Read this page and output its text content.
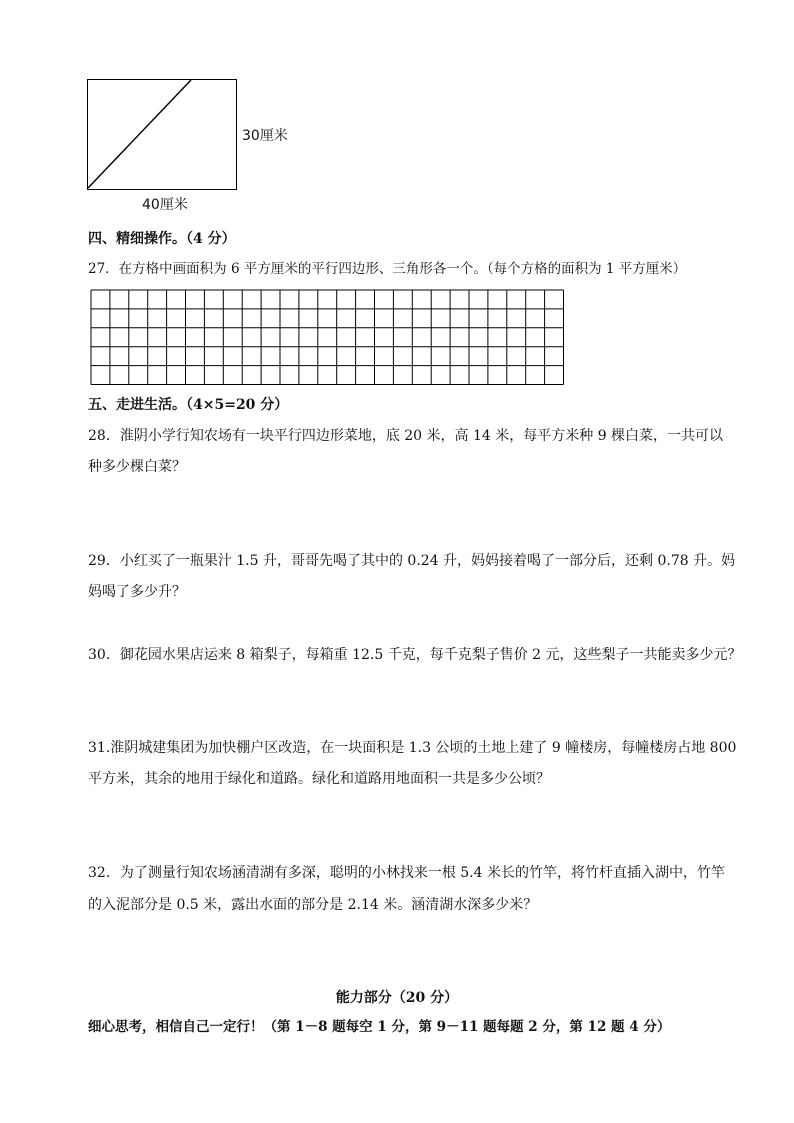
30厘米
40厘米
四、精细操作。（4 分）
27．在方格中画面积为 6 平方厘米的平行四边形、三角形各一个。（每个方格的面积为 1 平方厘米）
五、走进生活。（4×5=20 分）
28．淮阴小学行知农场有一块平行四边形菜地，底 20 米，高 14 米，每平方米种 9 棵白菜，一共可以
种多少棵白菜？
29．小红买了一瓶果汁 1.5 升，哥哥先喝了其中的 0.24 升，妈妈接着喝了一部分后，还剩 0.78 升。妈
妈喝了多少升？
30．御花园水果店运来 8 箱梨子，每箱重 12.5 千克，每千克梨子售价 2 元，这些梨子一共能卖多少元？
31.淮阴城建集团为加快棚户区改造，在一块面积是 1.3 公顷的土地上建了 9 幢楼房，每幢楼房占地 800
平方米，其余的地用于绿化和道路。绿化和道路用地面积一共是多少公顷？
32．为了测量行知农场涵清湖有多深，聪明的小林找来一根 5.4 米长的竹竿，将竹杆直插入湖中，竹竿
的入泥部分是 0.5 米，露出水面的部分是 2.14 米。涵清湖水深多少米？
能力部分（20 分）
细心思考，相信自己一定行！（第 1－8 题每空 1 分，第 9－11 题每题 2 分，第 12 题 4 分）
